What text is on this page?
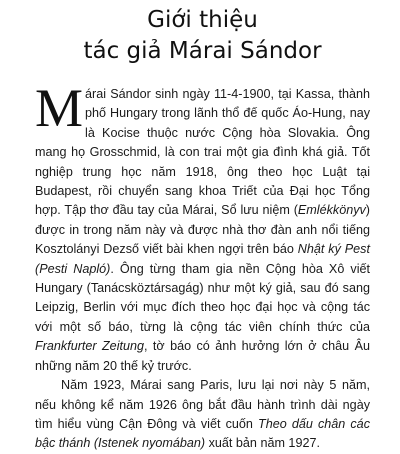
Giới thiệu
tác giả Márai Sándor

Márai Sándor sinh ngày 11-4-1900, tại Kassa, thành phố Hungary trong lãnh thổ đế quốc Áo-Hung, nay là Kocise thuộc nước Cộng hòa Slovakia. Ông mang họ Grosschmid, là con trai một gia đình khá giả. Tốt nghiệp trung học năm 1918, ông theo học Luật tại Budapest, rồi chuyển sang khoa Triết của Đại học Tổng hợp. Tập thơ đầu tay của Márai, Sổ lưu niệm (Emlékkönyv) được in trong năm này và được nhà thơ đàn anh nổi tiếng Kosztolányi Dezső viết bài khen ngợi trên báo Nhật ký Pest (Pesti Napló). Ông từng tham gia nền Cộng hòa Xô viết Hungary (Tanácsköztársagág) như một ký giả, sau đó sang Leipzig, Berlin với mục đích theo học đại học và cộng tác với một số báo, từng là cộng tác viên chính thức của Frankfurter Zeitung, tờ báo có ảnh hưởng lớn ở châu Âu những năm 20 thế kỷ trước.

Năm 1923, Márai sang Paris, lưu lại nơi này 5 năm, nếu không kể năm 1926 ông bắt đầu hành trình dài ngày tìm hiểu vùng Cận Đông và viết cuốn Theo dấu chân các bậc thánh (Istenek nyomában) xuất bản năm 1927.
